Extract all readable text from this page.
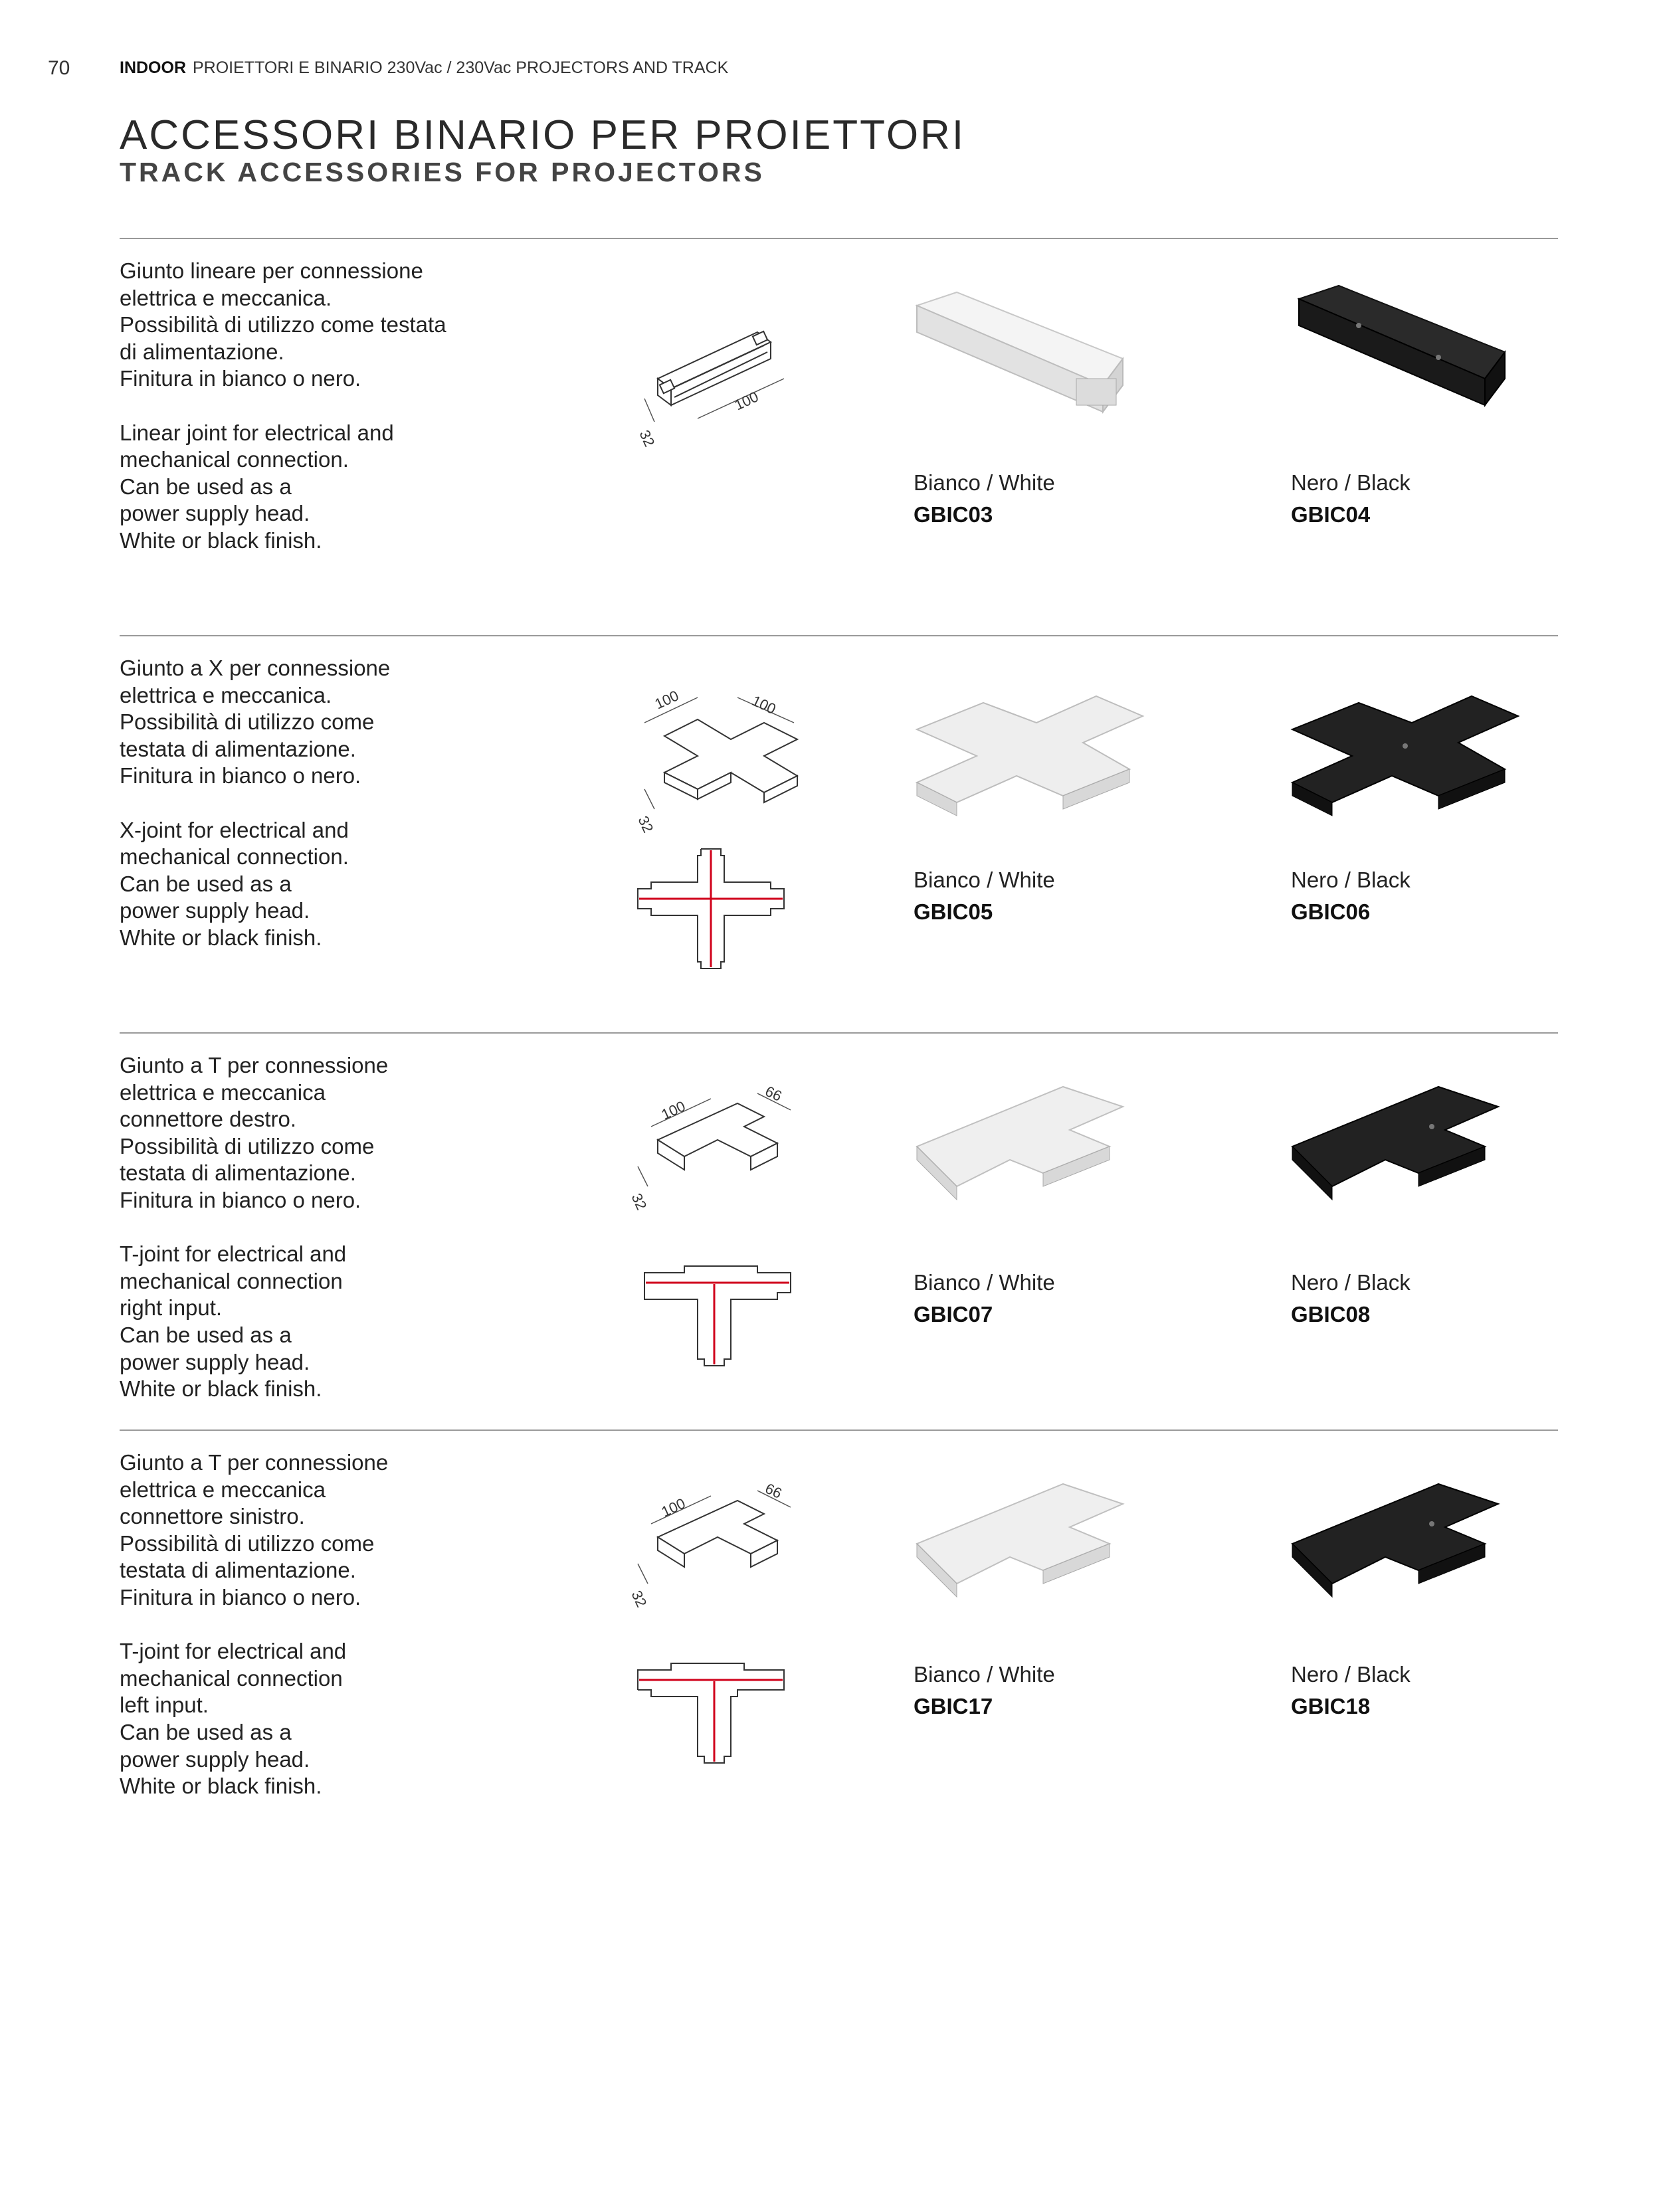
70	INDOOR PROIETTORI E BINARIO 230Vac / 230Vac PROJECTORS AND TRACK
ACCESSORI BINARIO PER PROIETTORI
TRACK ACCESSORIES FOR PROJECTORS

Giunto lineare per connessione
elettrica e meccanica.
Possibilità di utilizzo come testata
di alimentazione.
Finitura in bianco o nero.

Linear joint for electrical and
mechanical connection.
Can be used as a
power supply head.
White or black finish.

32
100
Bianco / White
GBIC03
Nero / Black
GBIC04

Giunto a X per connessione
elettrica e meccanica.
Possibilità di utilizzo come
testata di alimentazione.
Finitura in bianco o nero.

X-joint for electrical and
mechanical connection.
Can be used as a
power supply head.
White or black finish.

100	100
32
Bianco / White
GBIC05
Nero / Black
GBIC06

Giunto a T per connessione
elettrica e meccanica
connettore destro.
Possibilità di utilizzo come
testata di alimentazione.
Finitura in bianco o nero.

T-joint for electrical and
mechanical connection
right input.
Can be used as a
power supply head.
White or black finish.

100
66
32
Bianco / White
GBIC07
Nero / Black
GBIC08

Giunto a T per connessione
elettrica e meccanica
connettore sinistro.
Possibilità di utilizzo come
testata di alimentazione.
Finitura in bianco o nero.

T-joint for electrical and
mechanical connection
left input.
Can be used as a
power supply head.
White or black finish.

100
66
32
Bianco / White
GBIC17
Nero / Black
GBIC18
